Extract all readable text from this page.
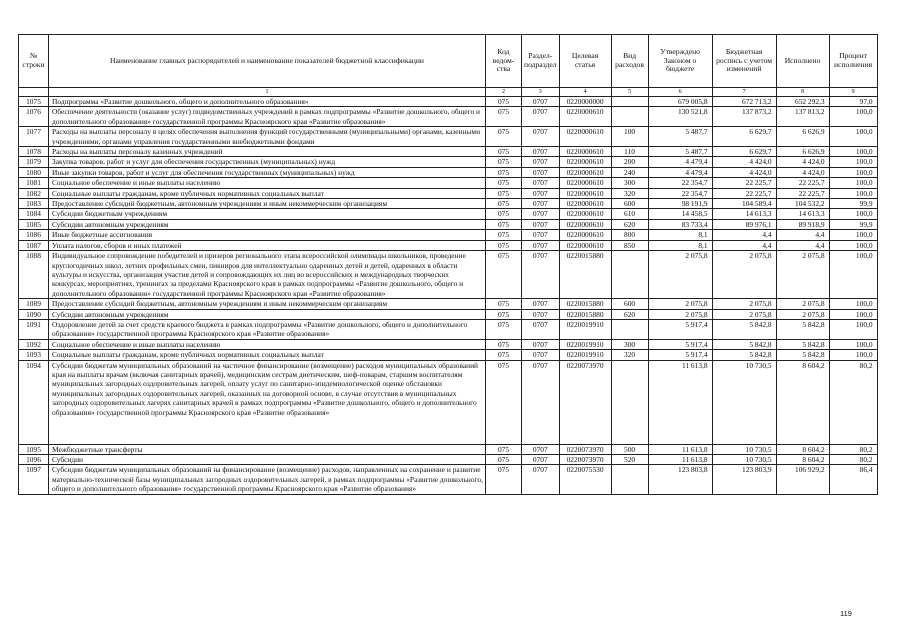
№ строки	Наименование главных распорядителей и наименование показателей бюджетной классификации	Код ведом-ства	Раздел-подраздел	Целевая статья	Вид расходов	Утверждено Законом о бюджете	Бюджетная роспись с учетом изменений	Исполнено	Процент исполнения
	1	2	3	4	5	6	7	8	9
1075	Подпрограмма «Развитие дошкольного, общего и дополнительного образования»	075	0707	0220000000		679 005,8	672 713,2	652 292,3	97,0
1076	Обеспечение деятельности (оказание услуг) подведомственных учреждений в рамках подпрограммы «Развитие дошкольного, общего и дополнительного образования» государственной программы Красноярского края «Развитие образования»	075	0707	0220000610		130 521,8	137 873,2	137 813,2	100,0
1077	Расходы на выплаты персоналу в целях обеспечения выполнения функций государственными (муниципальными) органами, казенными учреждениями, органами управления государственными внебюджетными фондами	075	0707	0220000610	100	5 487,7	6 629,7	6 626,9	100,0
1078	Расходы на выплаты персоналу казенных учреждений	075	0707	0220000610	110	5 487,7	6 629,7	6 626,9	100,0
1079	Закупка товаров, работ и услуг для обеспечения государственных (муниципальных) нужд	075	0707	0220000610	200	4 479,4	4 424,0	4 424,0	100,0
1080	Иные закупки товаров, работ и услуг для обеспечения государственных (муниципальных) нужд	075	0707	0220000610	240	4 479,4	4 424,0	4 424,0	100,0
1081	Социальное обеспечение и иные выплаты населению	075	0707	0220000610	300	22 354,7	22 225,7	22 225,7	100,0
1082	Социальные выплаты гражданам, кроме публичных нормативных социальных выплат	075	0707	0220000610	320	22 354,7	22 225,7	22 225,7	100,0
1083	Предоставление субсидий бюджетным, автономным учреждениям и иным некоммерческим организациям	075	0707	0220000610	600	98 191,9	104 589,4	104 532,2	99,9
1084	Субсидии бюджетным учреждениям	075	0707	0220000610	610	14 458,5	14 613,3	14 613,3	100,0
1085	Субсидии автономным учреждениям	075	0707	0220000610	620	83 733,4	89 976,1	89 918,9	99,9
1086	Иные бюджетные ассигнования	075	0707	0220000610	800	8,1	4,4	4,4	100,0
1087	Уплата налогов, сборов и иных платежей	075	0707	0220000610	850	8,1	4,4	4,4	100,0
1088	Индивидуальное сопровождение победителей и призеров регионального этапа всероссийской олимпиады школьников, проведение круглогодичных школ, летних профильных смен, пикниров для интеллектуально одаренных детей и детей, одаренных в области культуры и искусства, организация участия детей и сопровождающих их лиц во всероссийских и международных творческих конкурсах, мероприятиях, тренингах за пределами Красноярского края в рамках подпрограммы «Развитие дошкольного, общего и дополнительного образования» государственной программы Красноярского края «Развитие образования»	075	0707	0220015880		2 075,8	2 075,8	2 075,8	100,0
1089	Предоставление субсидий бюджетным, автономным учреждениям и иным некоммерческим организациям	075	0707	0220015880	600	2 075,8	2 075,8	2 075,8	100,0
1090	Субсидии автономным учреждениям	075	0707	0220015880	620	2 075,8	2 075,8	2 075,8	100,0
1091	Оздоровление детей за счет средств краевого бюджета в рамках подпрограммы «Развитие дошкольного, общего и дополнительного образования» государственной программы Красноярского края «Развитие образования»	075	0707	0220019910		5 917,4	5 842,8	5 842,8	100,0
1092	Социальное обеспечение и иные выплаты населению	075	0707	0220019910	300	5 917,4	5 842,8	5 842,8	100,0
1093	Социальные выплаты гражданам, кроме публичных нормативных социальных выплат	075	0707	0220019910	320	5 917,4	5 842,8	5 842,8	100,0
1094	Субсидии бюджетам муниципальных образований на частичное финансирование (возмещение) расходов муниципальных образований края на выплаты врачам (включая санитарных врачей), медицинским сестрам диетическим, шеф-поварам, старшим воспитателям муниципальных загородных оздоровительных лагерей, оплату услуг по санитарно-эпидемиологической оценке обстановки муниципальных загородных оздоровительных лагерей, оказанных на договорной основе, в случае отсутствия в муниципальных загородных оздоровительных лагерях санитарных врачей в рамках подпрограммы «Развитие дошкольного, общего и дополнительного образования» государственной программы Красноярского края «Развитие образования»	075	0707	0220073970		11 613,8	10 730,5	8 604,2	80,2
1095	Межбюджетные трансферты	075	0707	0220073970	500	11 613,8	10 730,5	8 604,2	80,2
1096	Субсидии	075	0707	0220073970	520	11 613,8	10 730,5	8 604,2	80,2
1097	Субсидии бюджетам муниципальных образований на финансирование (возмещение) расходов, направленных на сохранение и развитие материально-технической базы муниципальных загородных оздоровительных лагерей, в рамках подпрограммы «Развитие дошкольного, общего и дополнительного образования» государственной программы Красноярского края «Развитие образования»	075	0707	0220075530		123 803,8	123 803,9	106 929,2	86,4
119
